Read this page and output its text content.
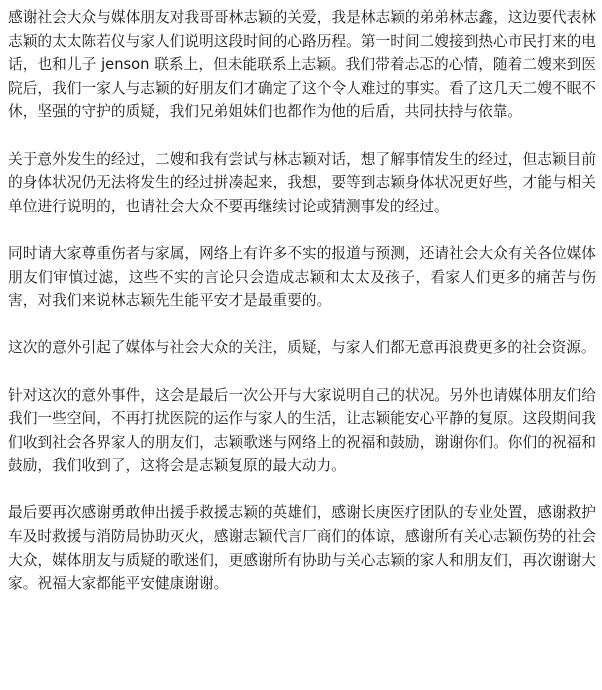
感谢社会大众与媒体朋友对我哥哥林志颖的关爱，我是林志颖的弟弟林志鑫，这边要代表林志颖的太太陈若仪与家人们说明这段时间的心路历程。第一时间二嫂接到热心市民打来的电话，也和儿子 jenson 联系上，但未能联系上志颖。我们带着忐忑的心情，随着二嫂来到医院后，我们一家人与志颖的好朋友们才确定了这个令人难过的事实。看了这几天二嫂不眠不休，坚强的守护的质疑，我们兄弟姐妹们也都作为他的后盾，共同扶持与依靠。

关于意外发生的经过，二嫂和我有尝试与林志颖对话，想了解事情发生的经过，但志颖目前的身体状况仍无法将发生的经过拼凑起来，我想，要等到志颖身体状况更好些，才能与相关单位进行说明的，也请社会大众不要再继续讨论或猜测事发的经过。

同时请大家尊重伤者与家属，网络上有许多不实的报道与预测，还请社会大众有关各位媒体朋友们审慎过滤，这些不实的言论只会造成志颖和太太及孩子，看家人们更多的痛苦与伤害，对我们来说林志颖先生能平安才是最重要的。

这次的意外引起了媒体与社会大众的关注，质疑，与家人们都无意再浪费更多的社会资源。

针对这次的意外事件，这会是最后一次公开与大家说明自己的状况。另外也请媒体朋友们给我们一些空间，不再打扰医院的运作与家人的生活，让志颖能安心平静的复原。这段期间我们收到社会各界家人的朋友们，志颖歌迷与网络上的祝福和鼓励，谢谢你们。你们的祝福和鼓励，我们收到了，这将会是志颖复原的最大动力。

最后要再次感谢勇敢伸出援手救援志颖的英雄们，感谢长庚医疗团队的专业处置，感谢救护车及时救援与消防局协助灭火，感谢志颖代言厂商们的体谅，感谢所有关心志颖伤势的社会大众，媒体朋友与质疑的歌迷们，更感谢所有协助与关心志颖的家人和朋友们，再次谢谢大家。祝福大家都能平安健康谢谢。
